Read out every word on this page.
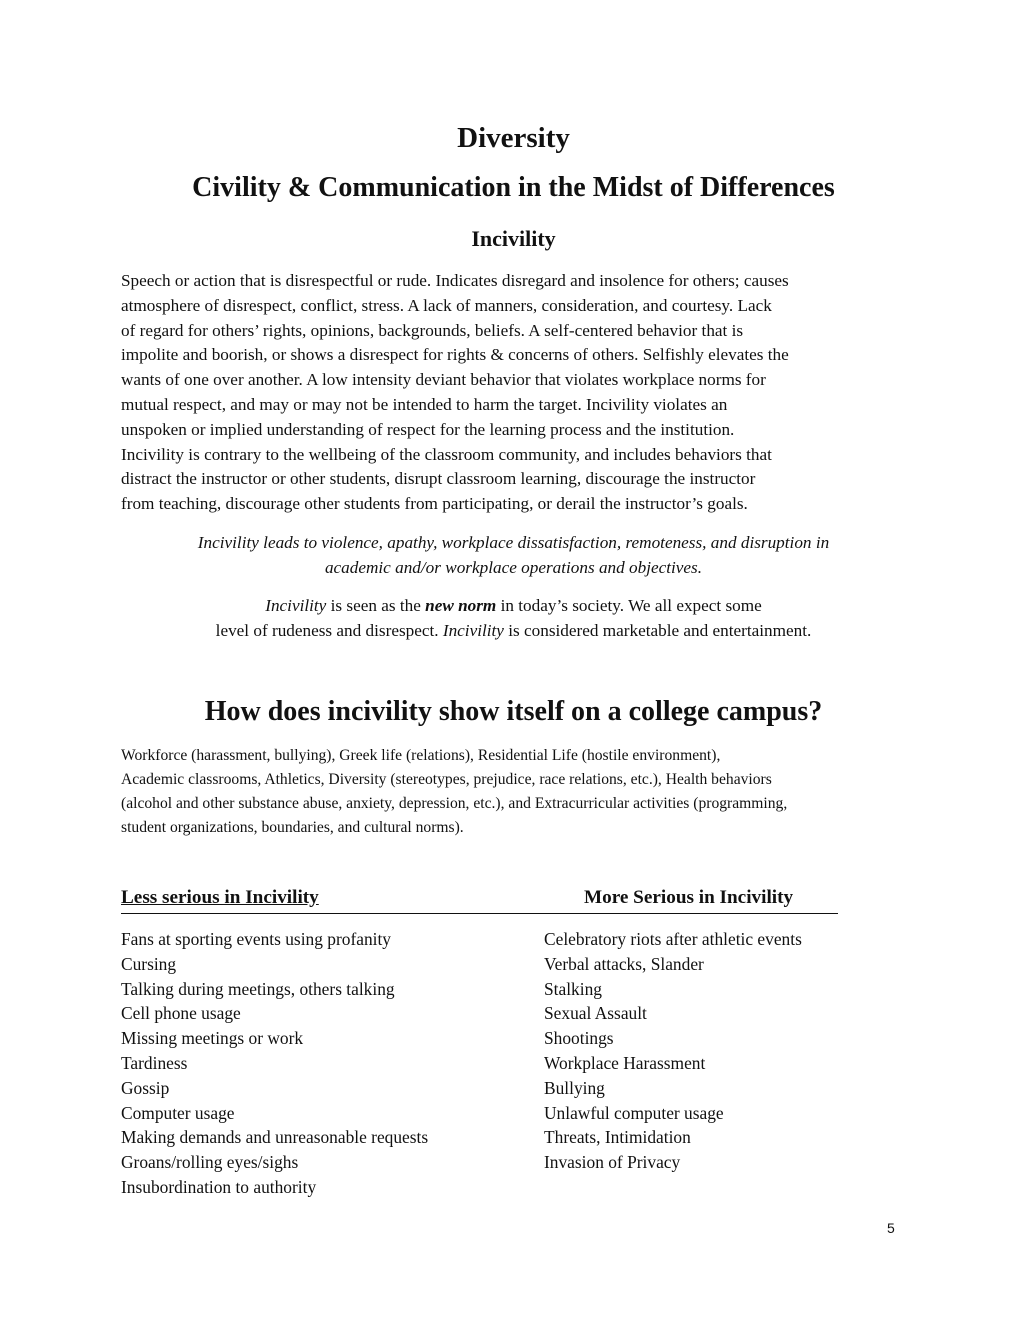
Diversity
Civility & Communication in the Midst of Differences
Incivility

Speech or action that is disrespectful or rude. Indicates disregard and insolence for others; causes
atmosphere of disrespect, conflict, stress. A lack of manners, consideration, and courtesy. Lack
of regard for others’ rights, opinions, backgrounds, beliefs. A self-centered behavior that is
impolite and boorish, or shows a disrespect for rights & concerns of others. Selfishly elevates the
wants of one over another. A low intensity deviant behavior that violates workplace norms for
mutual respect, and may or may not be intended to harm the target. Incivility violates an
unspoken or implied understanding of respect for the learning process and the institution.
Incivility is contrary to the wellbeing of the classroom community, and includes behaviors that
distract the instructor or other students, disrupt classroom learning, discourage the instructor
from teaching, discourage other students from participating, or derail the instructor’s goals.

Incivility leads to violence, apathy, workplace dissatisfaction, remoteness, and disruption in
academic and/or workplace operations and objectives.

Incivility is seen as the new norm in today’s society. We all expect some
level of rudeness and disrespect. Incivility is considered marketable and entertainment.

How does incivility show itself on a college campus?

Workforce (harassment, bullying), Greek life (relations), Residential Life (hostile environment),
Academic classrooms, Athletics, Diversity (stereotypes, prejudice, race relations, etc.), Health behaviors
(alcohol and other substance abuse, anxiety, depression, etc.), and Extracurricular activities (programming,
student organizations, boundaries, and cultural norms).

Less serious in Incivility	More Serious in Incivility
Fans at sporting events using profanity
Cursing
Talking during meetings, others talking
Cell phone usage
Missing meetings or work
Tardiness
Gossip
Computer usage
Making demands and unreasonable requests
Groans/rolling eyes/sighs
Insubordination to authority
Celebratory riots after athletic events
Verbal attacks, Slander
Stalking
Sexual Assault
Shootings
Workplace Harassment
Bullying
Unlawful computer usage
Threats, Intimidation
Invasion of Privacy
5
